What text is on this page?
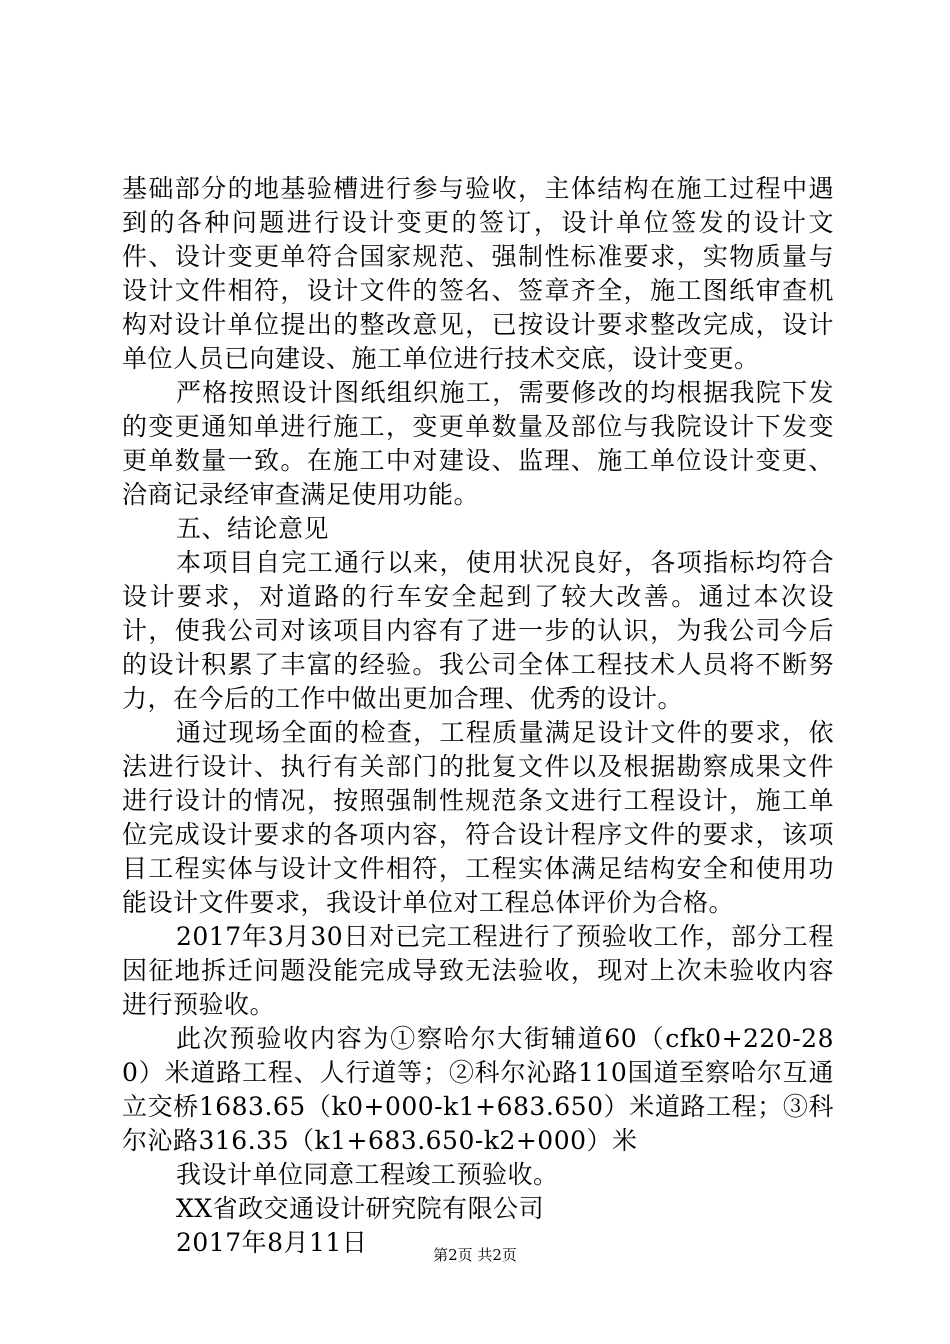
基础部分的地基验槽进行参与验收，主体结构在施工过程中遇到的各种问题进行设计变更的签订，设计单位签发的设计文件、设计变更单符合国家规范、强制性标准要求，实物质量与设计文件相符，设计文件的签名、签章齐全，施工图纸审查机构对设计单位提出的整改意见，已按设计要求整改完成，设计单位人员已向建设、施工单位进行技术交底，设计变更。

严格按照设计图纸组织施工，需要修改的均根据我院下发的变更通知单进行施工，变更单数量及部位与我院设计下发变更单数量一致。在施工中对建设、监理、施工单位设计变更、洽商记录经审查满足使用功能。

五、结论意见

本项目自完工通行以来，使用状况良好，各项指标均符合设计要求，对道路的行车安全起到了较大改善。通过本次设计，使我公司对该项目内容有了进一步的认识，为我公司今后的设计积累了丰富的经验。我公司全体工程技术人员将不断努力，在今后的工作中做出更加合理、优秀的设计。

通过现场全面的检查，工程质量满足设计文件的要求，依法进行设计、执行有关部门的批复文件以及根据勘察成果文件进行设计的情况，按照强制性规范条文进行工程设计，施工单位完成设计要求的各项内容，符合设计程序文件的要求，该项目工程实体与设计文件相符，工程实体满足结构安全和使用功能设计文件要求，我设计单位对工程总体评价为合格。

2017年3月30日对已完工程进行了预验收工作，部分工程因征地拆迁问题没能完成导致无法验收，现对上次未验收内容进行预验收。

此次预验收内容为①察哈尔大街辅道60（cfk0+220-280）米道路工程、人行道等；②科尔沁路110国道至察哈尔互通立交桥1683.65（k0+000-k1+683.650）米道路工程；③科尔沁路316.35（k1+683.650-k2+000）米

我设计单位同意工程竣工预验收。

XX省政交通设计研究院有限公司

2017年8月11日	第2页 共2页
